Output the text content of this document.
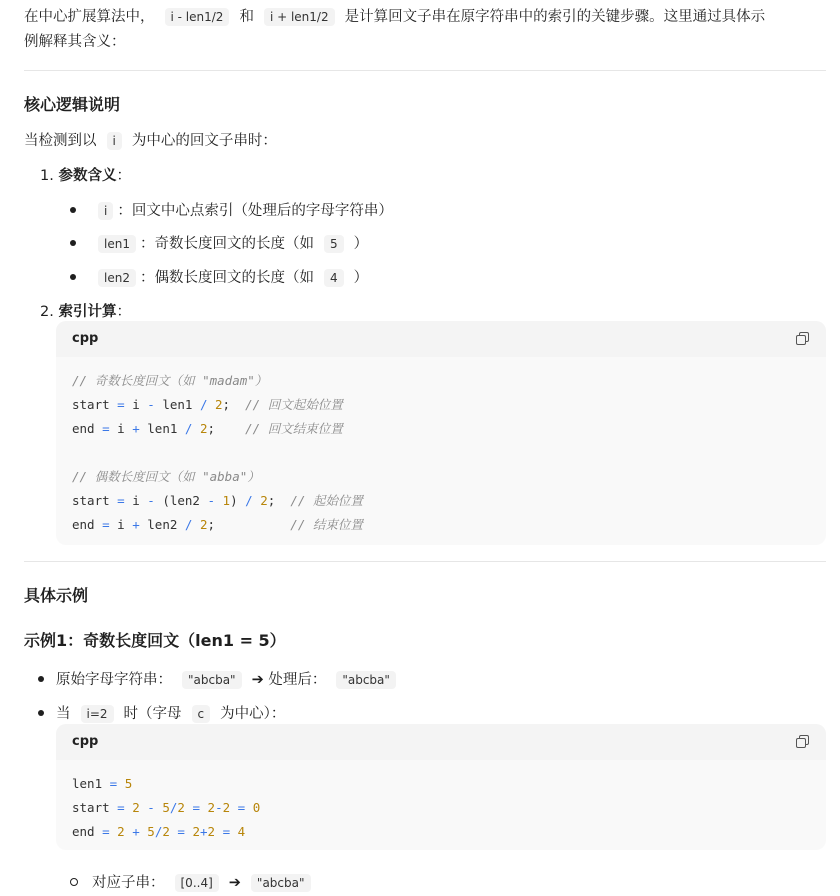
在中心扩展算法中， i - len1/2 和 i + len1/2 是计算回文子串在原字符串中的索引的关键步骤。这里通过具体示
例解释其含义：
核心逻辑说明
当检测到以 i 为中心的回文子串时：
1. 参数含义：
i ：回文中心点索引（处理后的字母字符串）
len1 ：奇数长度回文的长度（如 5 ）
len2 ：偶数长度回文的长度（如 4 ）
2. 索引计算：
cpp
// 奇数长度回文（如 "madam"）
start = i - len1 / 2;  // 回文起始位置
end = i + len1 / 2;    // 回文结束位置

// 偶数长度回文（如 "abba"）
start = i - (len2 - 1) / 2;  // 起始位置
end = i + len2 / 2;          // 结束位置
具体示例
示例1：奇数长度回文（len1 = 5）
原始字母字符串： "abcba" ➔ 处理后： "abcba"
当 i=2 时（字母 c 为中心）：
cpp
len1 = 5
start = 2 - 5/2 = 2-2 = 0
end = 2 + 5/2 = 2+2 = 4
对应子串： [0..4] ➔ "abcba"
